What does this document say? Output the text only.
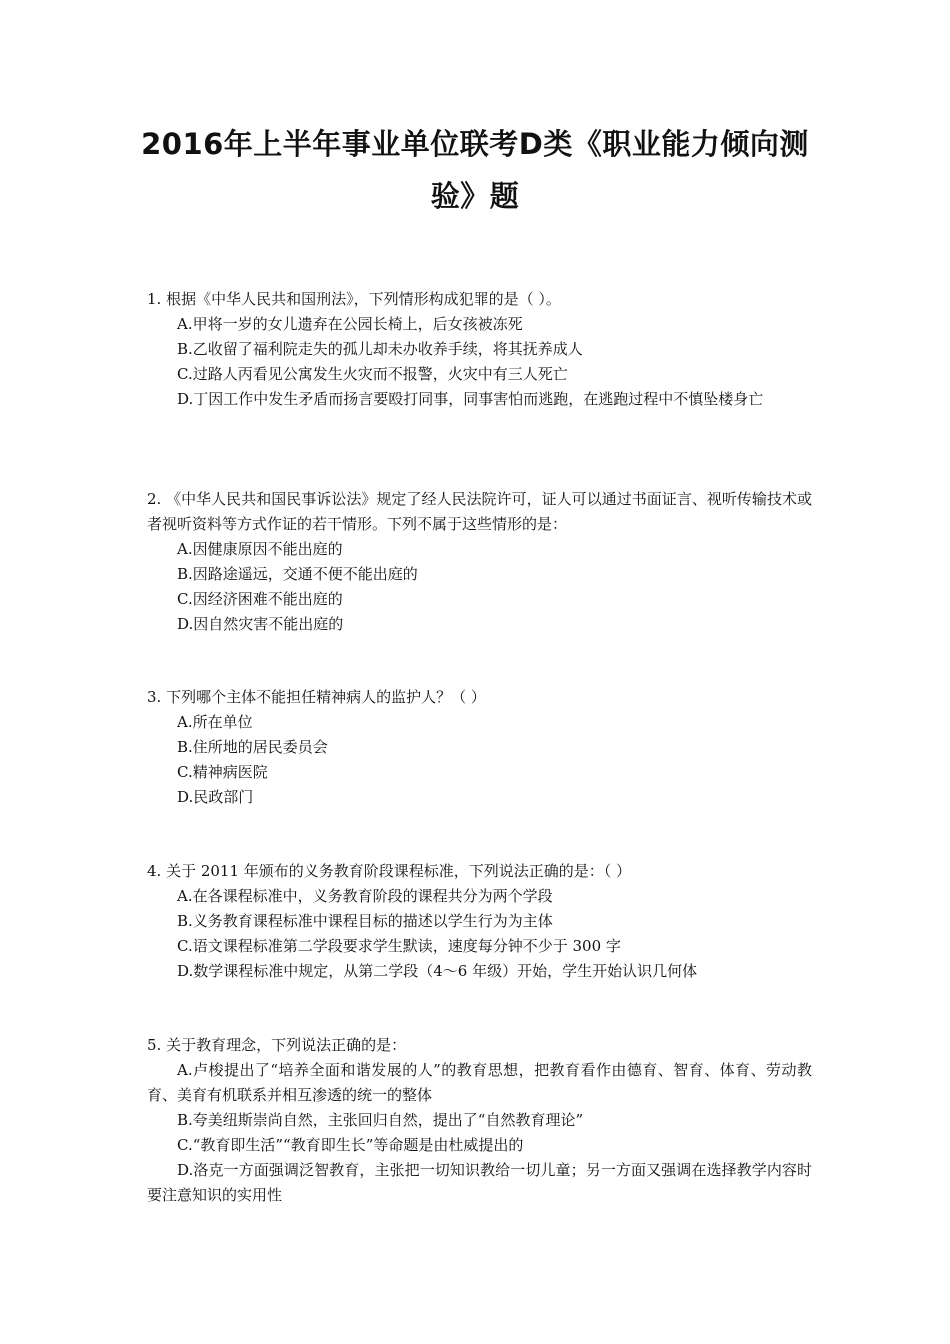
2016年上半年事业单位联考D类《职业能力倾向测验》题

1. 根据《中华人民共和国刑法》，下列情形构成犯罪的是（ ）。

A.甲将一岁的女儿遗弃在公园长椅上，后女孩被冻死

B.乙收留了福利院走失的孤儿却未办收养手续，将其抚养成人

C.过路人丙看见公寓发生火灾而不报警，火灾中有三人死亡

D.丁因工作中发生矛盾而扬言要殴打同事，同事害怕而逃跑，在逃跑过程中不慎坠楼身亡

2. 《中华人民共和国民事诉讼法》规定了经人民法院许可，证人可以通过书面证言、视听传输技术或者视听资料等方式作证的若干情形。下列不属于这些情形的是：

A.因健康原因不能出庭的

B.因路途遥远，交通不便不能出庭的

C.因经济困难不能出庭的

D.因自然灾害不能出庭的

3. 下列哪个主体不能担任精神病人的监护人？（ ）

A.所在单位

B.住所地的居民委员会

C.精神病医院

D.民政部门

4. 关于 2011 年颁布的义务教育阶段课程标准，下列说法正确的是：（ ）

A.在各课程标准中，义务教育阶段的课程共分为两个学段

B.义务教育课程标准中课程目标的描述以学生行为为主体

C.语文课程标准第二学段要求学生默读，速度每分钟不少于 300 字

D.数学课程标准中规定，从第二学段（4～6 年级）开始，学生开始认识几何体

5. 关于教育理念，下列说法正确的是：

A.卢梭提出了“培养全面和谐发展的人”的教育思想，把教育看作由德育、智育、体育、劳动教育、美育有机联系并相互渗透的统一的整体

B.夸美纽斯崇尚自然，主张回归自然，提出了“自然教育理论”

C.“教育即生活”“教育即生长”等命题是由杜威提出的

D.洛克一方面强调泛智教育，主张把一切知识教给一切儿童；另一方面又强调在选择教学内容时要注意知识的实用性
